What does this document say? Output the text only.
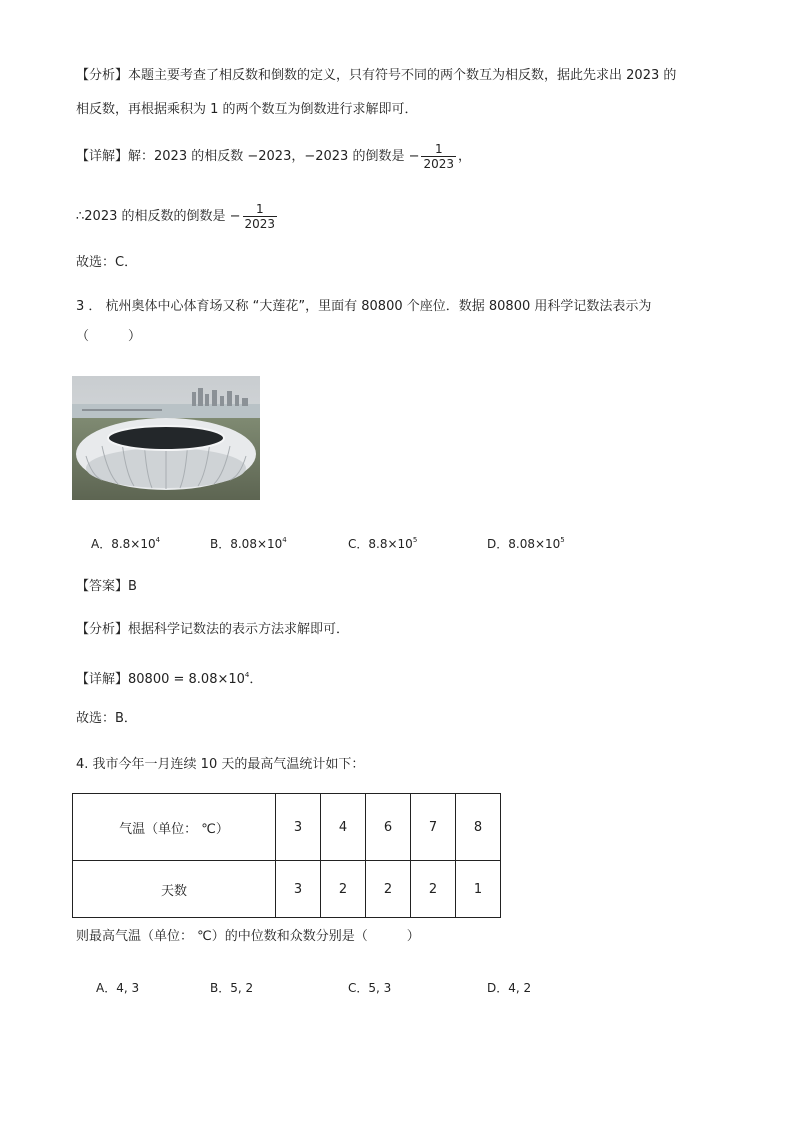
【分析】本题主要考查了相反数和倒数的定义，只有符号不同的两个数互为相反数，据此先求出 2023 的
相反数，再根据乘积为 1 的两个数互为倒数进行求解即可．
【详解】解：2023 的相反数 −2023，−2023 的倒数是 − $\frac{1}{2023}$ ，
∴2023 的相反数的倒数是 − $\frac{1}{2023}$
故选：C．
3 ． 杭州奥体中心体育场又称 “大莲花”，里面有 80800 个座位．数据 80800 用科学记数法表示为
（　　　）
A．$8.8\times 10^4$	B．$8.08\times 10^4$	C．$8.8\times 10^5$	D．$8.08\times 10^5$
【答案】B
【分析】根据科学记数法的表示方法求解即可．
【详解】$80800 = 8.08\times 10^4$．
故选：B．
4. 我市今年一月连续 10 天的最高气温统计如下：
气温（单位： ℃）	3	4	6	7	8
天数	3	2	2	2	1
则最高气温（单位： ℃）的中位数和众数分别是（　　　）
A．4, 3	B．5, 2	C．5, 3	D．4, 2
